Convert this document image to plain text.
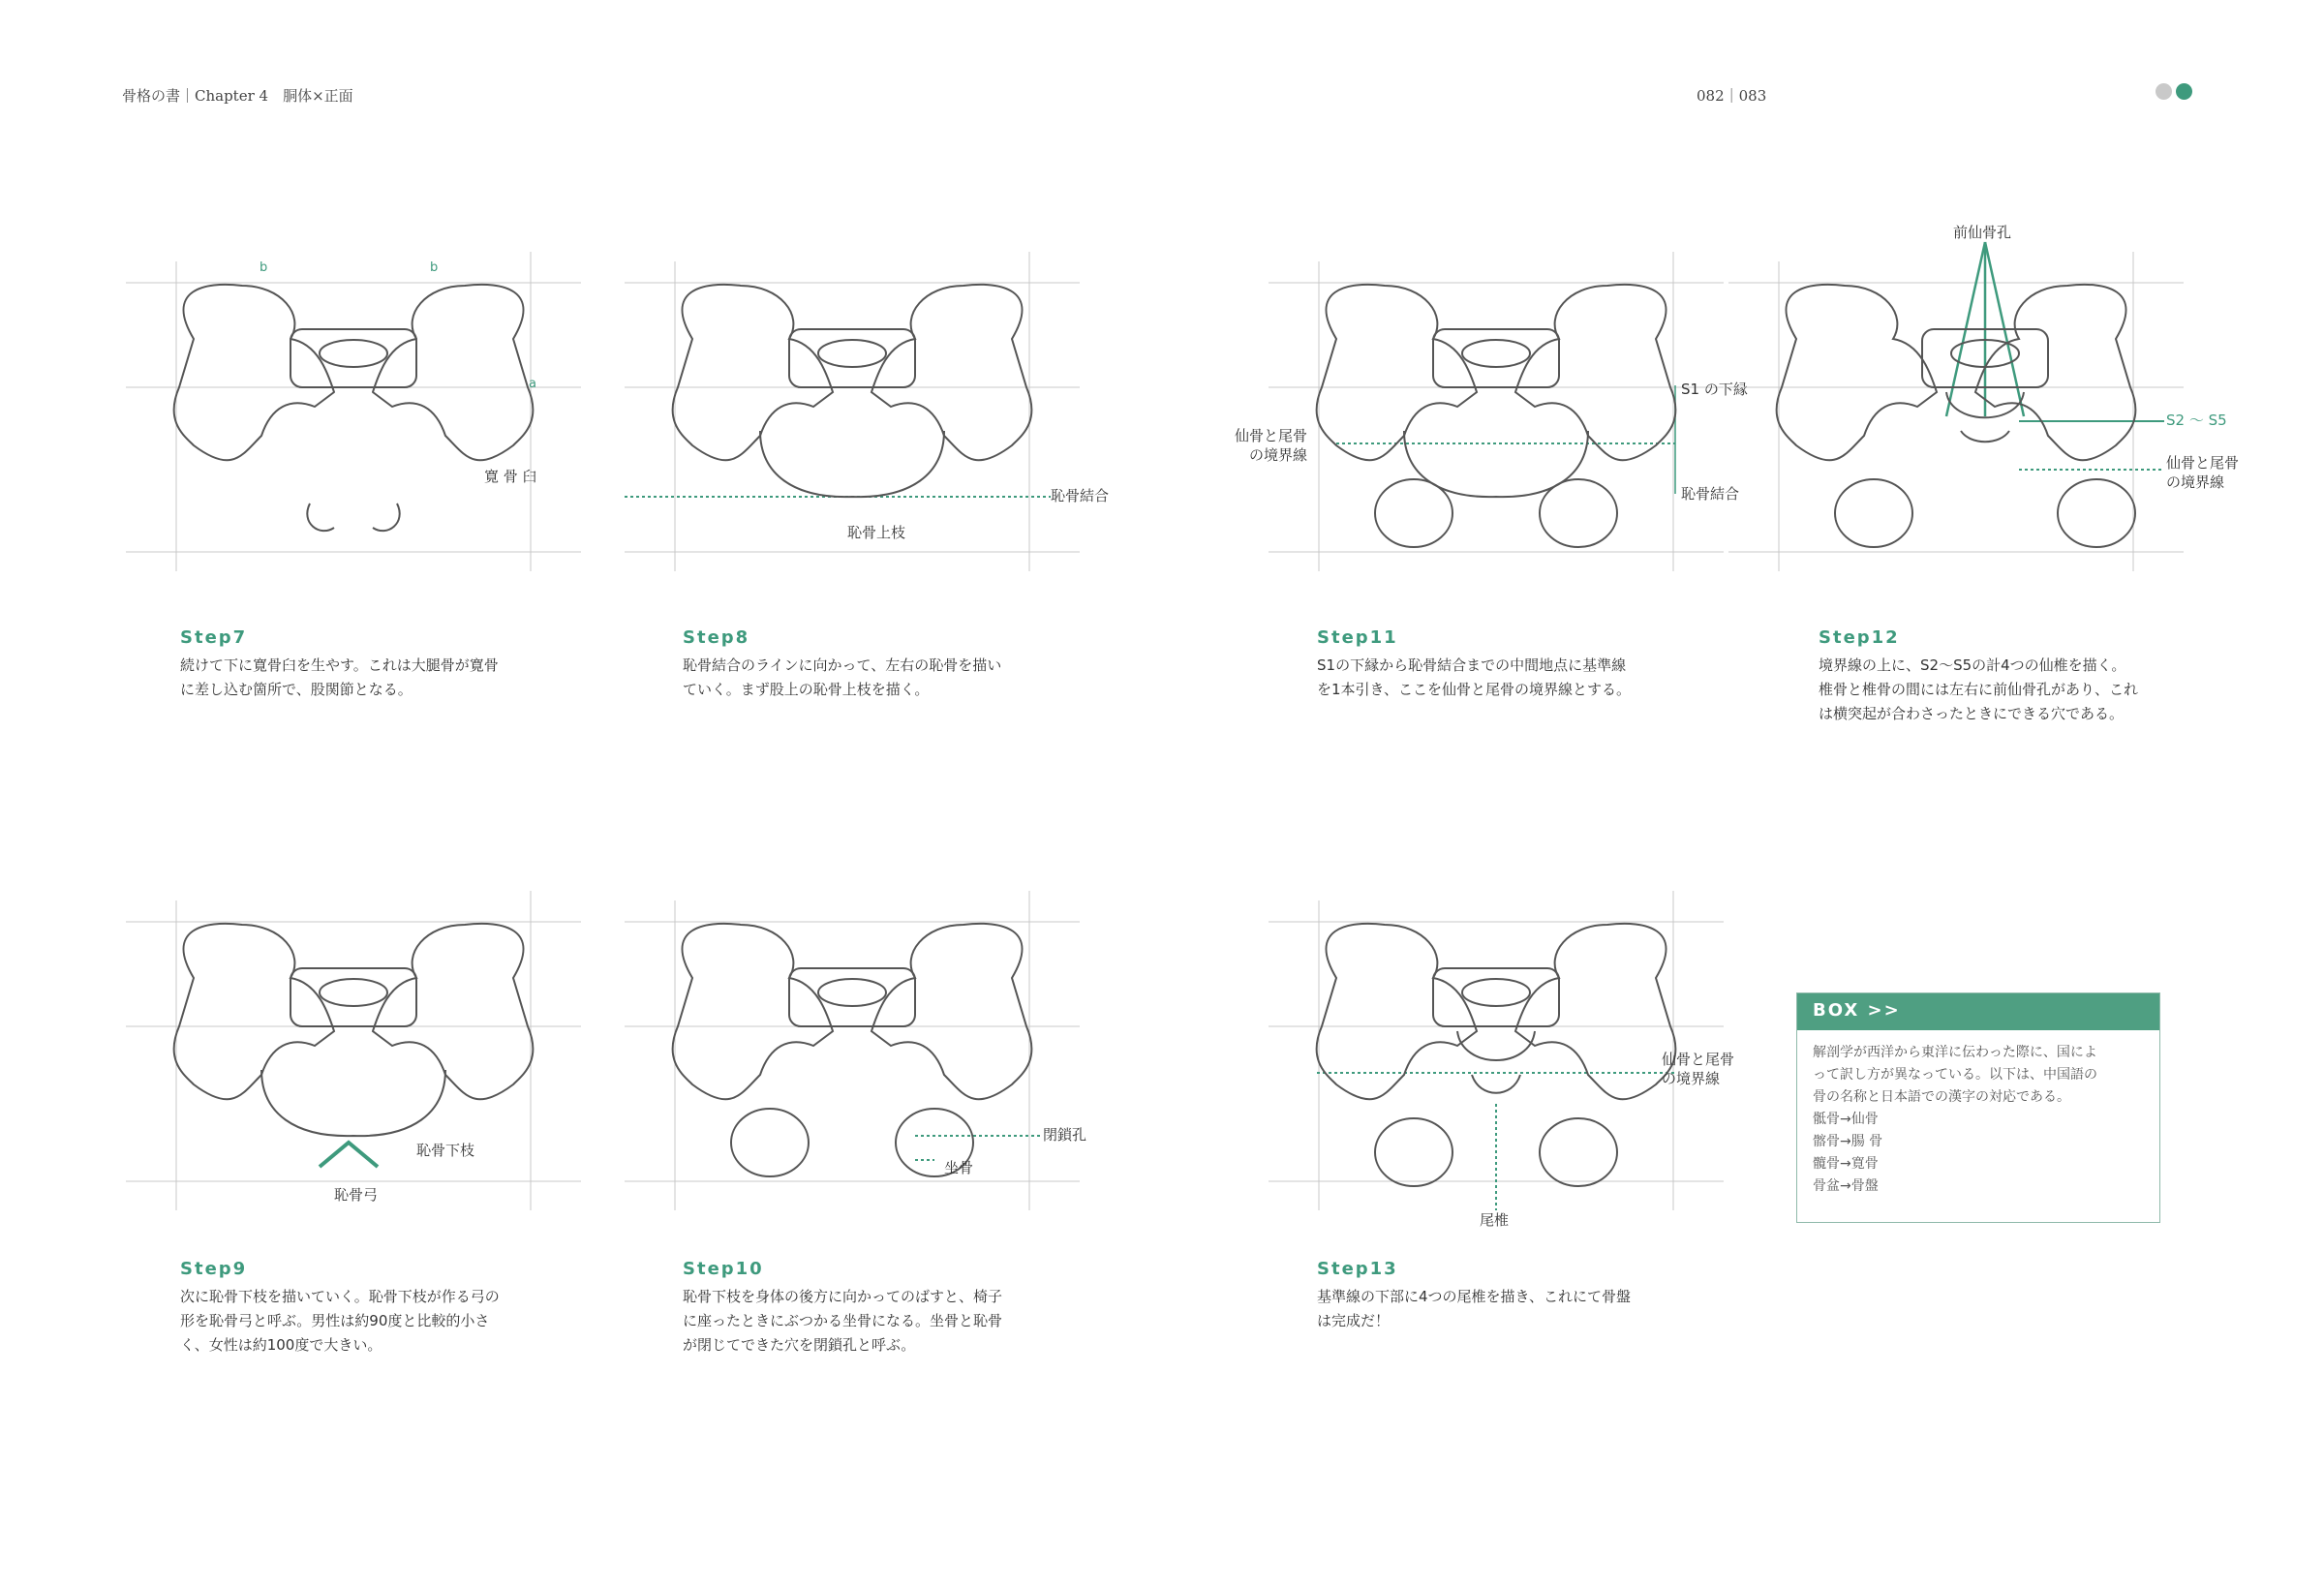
骨格の書｜Chapter 4　胴体×正面	082｜083
b	b
a
寛 骨 臼
恥骨結合
恥骨上枝
S1 の下縁
仙骨と尾骨
の境界線
恥骨結合
前仙骨孔
S2 〜 S5
仙骨と尾骨
の境界線
恥骨下枝
恥骨弓
閉鎖孔
坐骨
仙骨と尾骨
の境界線
尾椎
Step7

続けて下に寛骨臼を生やす。これは大腿骨が寛骨
に差し込む箇所で、股関節となる。

Step8

恥骨結合のラインに向かって、左右の恥骨を描い
ていく。まず股上の恥骨上枝を描く。

Step11

S1の下縁から恥骨結合までの中間地点に基準線
を1本引き、ここを仙骨と尾骨の境界線とする。

Step12

境界線の上に、S2〜S5の計4つの仙椎を描く。
椎骨と椎骨の間には左右に前仙骨孔があり、これ
は横突起が合わさったときにできる穴である。

Step9

次に恥骨下枝を描いていく。恥骨下枝が作る弓の
形を恥骨弓と呼ぶ。男性は約90度と比較的小さ
く、女性は約100度で大きい。

Step10

恥骨下枝を身体の後方に向かってのばすと、椅子
に座ったときにぶつかる坐骨になる。坐骨と恥骨
が閉じてできた穴を閉鎖孔と呼ぶ。

Step13

基準線の下部に4つの尾椎を描き、これにて骨盤
は完成だ！

BOX >>
解剖学が西洋から東洋に伝わった際に、国によ
って訳し方が異なっている。以下は、中国語の
骨の名称と日本語での漢字の対応である。
骶骨→仙骨
髂骨→腸 骨
髖骨→寛骨
骨盆→骨盤
